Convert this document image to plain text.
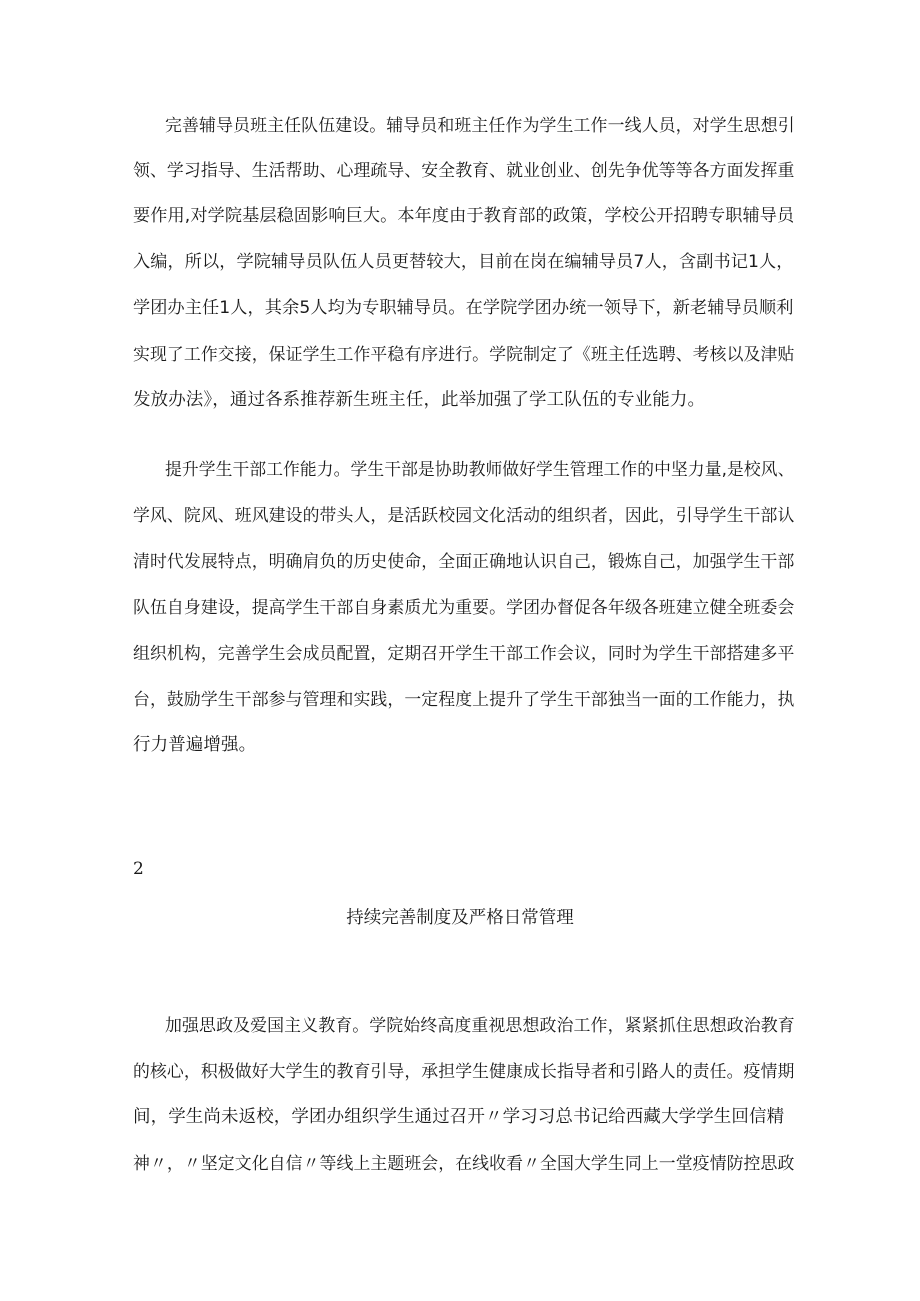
完善辅导员班主任队伍建设。辅导员和班主任作为学生工作一线人员，对学生思想引
领、学习指导、生活帮助、心理疏导、安全教育、就业创业、创先争优等等各方面发挥重
要作用,对学院基层稳固影响巨大。本年度由于教育部的政策，学校公开招聘专职辅导员
入编，所以，学院辅导员队伍人员更替较大，目前在岗在编辅导员7人，含副书记1人，
学团办主任1人，其余5人均为专职辅导员。在学院学团办统一领导下，新老辅导员顺利
实现了工作交接，保证学生工作平稳有序进行。学院制定了《班主任选聘、考核以及津贴
发放办法》，通过各系推荐新生班主任，此举加强了学工队伍的专业能力。
提升学生干部工作能力。学生干部是协助教师做好学生管理工作的中坚力量,是校风、
学风、院风、班风建设的带头人，是活跃校园文化活动的组织者，因此，引导学生干部认
清时代发展特点，明确肩负的历史使命，全面正确地认识自己，锻炼自己，加强学生干部
队伍自身建设，提高学生干部自身素质尤为重要。学团办督促各年级各班建立健全班委会
组织机构，完善学生会成员配置，定期召开学生干部工作会议，同时为学生干部搭建多平
台，鼓励学生干部参与管理和实践，一定程度上提升了学生干部独当一面的工作能力，执
行力普遍增强。
2
持续完善制度及严格日常管理
加强思政及爱国主义教育。学院始终高度重视思想政治工作，紧紧抓住思想政治教育
的核心，积极做好大学生的教育引导，承担学生健康成长指导者和引路人的责任。疫情期
间，学生尚未返校，学团办组织学生通过召开〃学习习总书记给西藏大学学生回信精
神〃，〃坚定文化自信〃等线上主题班会，在线收看〃全国大学生同上一堂疫情防控思政
